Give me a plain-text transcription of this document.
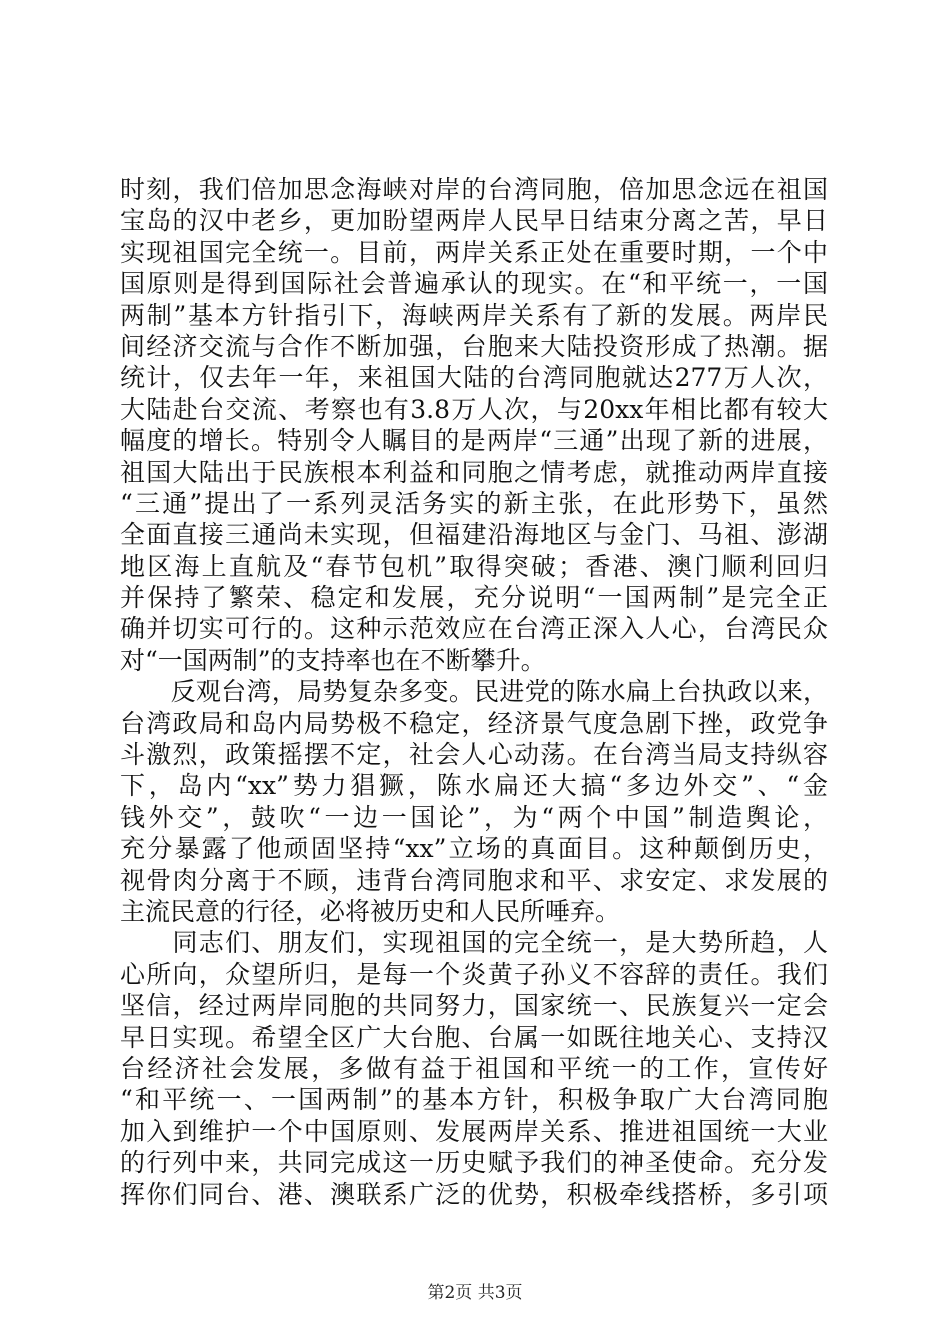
时刻，我们倍加思念海峡对岸的台湾同胞，倍加思念远在祖国
宝岛的汉中老乡，更加盼望两岸人民早日结束分离之苦，早日
实现祖国完全统一。目前，两岸关系正处在重要时期，一个中
国原则是得到国际社会普遍承认的现实。在“和平统一，一国
两制”基本方针指引下，海峡两岸关系有了新的发展。两岸民
间经济交流与合作不断加强，台胞来大陆投资形成了热潮。据
统计，仅去年一年，来祖国大陆的台湾同胞就达277万人次，
大陆赴台交流、考察也有3.8万人次，与20xx年相比都有较大
幅度的增长。特别令人瞩目的是两岸“三通”出现了新的进展，
祖国大陆出于民族根本利益和同胞之情考虑，就推动两岸直接
“三通”提出了一系列灵活务实的新主张，在此形势下，虽然
全面直接三通尚未实现，但福建沿海地区与金门、马祖、澎湖
地区海上直航及“春节包机”取得突破；香港、澳门顺利回归
并保持了繁荣、稳定和发展，充分说明“一国两制”是完全正
确并切实可行的。这种示范效应在台湾正深入人心，台湾民众
对“一国两制”的支持率也在不断攀升。
　　反观台湾，局势复杂多变。民进党的陈水扁上台执政以来，
台湾政局和岛内局势极不稳定，经济景气度急剧下挫，政党争
斗激烈，政策摇摆不定，社会人心动荡。在台湾当局支持纵容
下，岛内“xx”势力猖獗，陈水扁还大搞“多边外交”、“金
钱外交”，鼓吹“一边一国论”，为“两个中国”制造舆论，
充分暴露了他顽固坚持“xx”立场的真面目。这种颠倒历史，
视骨肉分离于不顾，违背台湾同胞求和平、求安定、求发展的
主流民意的行径，必将被历史和人民所唾弃。
　　同志们、朋友们，实现祖国的完全统一，是大势所趋，人
心所向，众望所归，是每一个炎黄子孙义不容辞的责任。我们
坚信，经过两岸同胞的共同努力，国家统一、民族复兴一定会
早日实现。希望全区广大台胞、台属一如既往地关心、支持汉
台经济社会发展，多做有益于祖国和平统一的工作，宣传好
“和平统一、一国两制”的基本方针，积极争取广大台湾同胞
加入到维护一个中国原则、发展两岸关系、推进祖国统一大业
的行列中来，共同完成这一历史赋予我们的神圣使命。充分发
挥你们同台、港、澳联系广泛的优势，积极牵线搭桥，多引项
第2页 共3页
